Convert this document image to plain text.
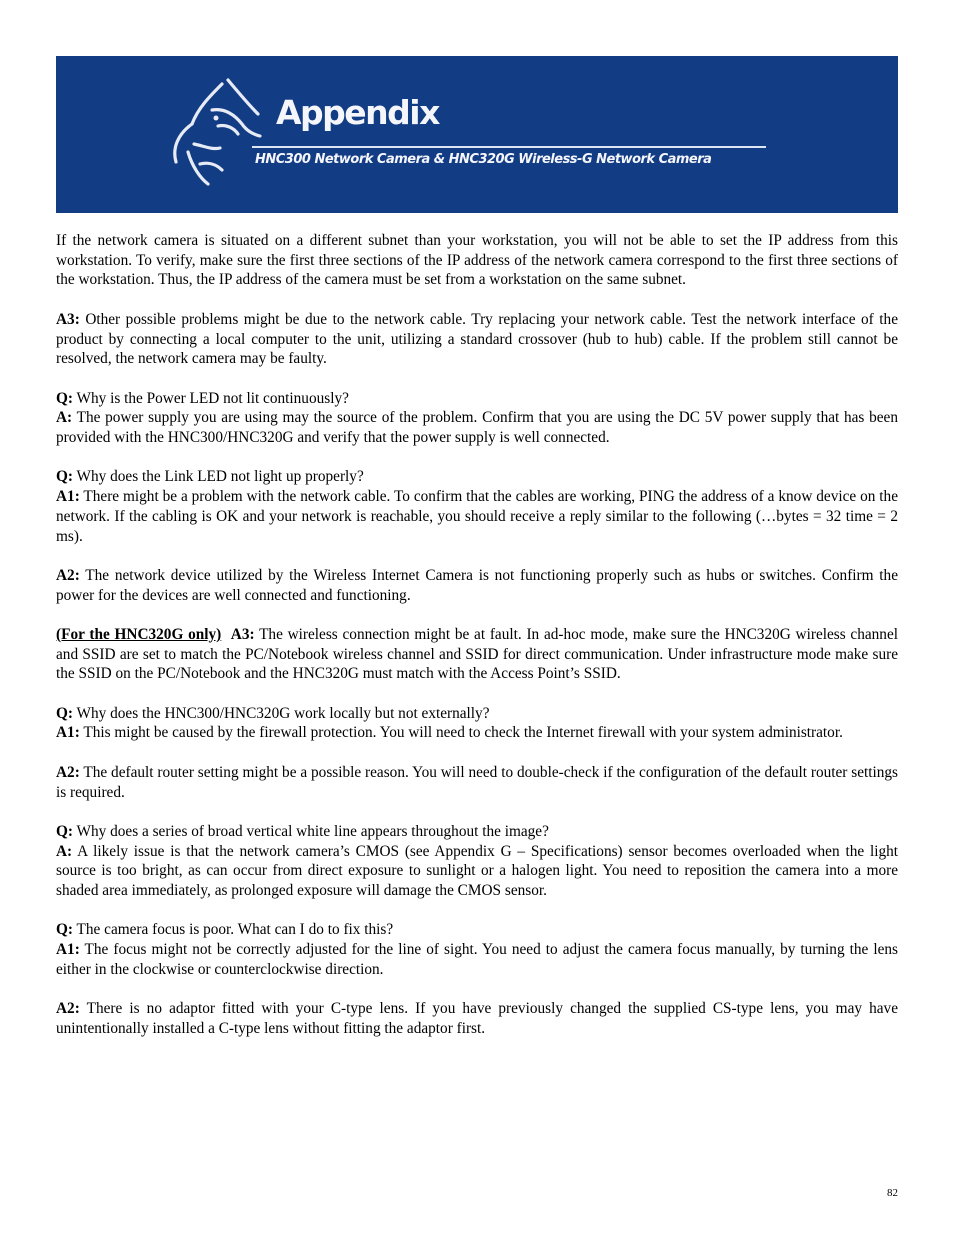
Appendix
HNC300 Network Camera & HNC320G Wireless-G Network Camera

If the network camera is situated on a different subnet than your workstation, you will not be able to set the IP address from this workstation. To verify, make sure the first three sections of the IP address of the network camera correspond to the first three sections of the workstation. Thus, the IP address of the camera must be set from a workstation on the same subnet.

A3: Other possible problems might be due to the network cable. Try replacing your network cable. Test the network interface of the product by connecting a local computer to the unit, utilizing a standard crossover (hub to hub) cable. If the problem still cannot be resolved, the network camera may be faulty.

Q: Why is the Power LED not lit continuously?
A: The power supply you are using may the source of the problem. Confirm that you are using the DC 5V power supply that has been provided with the HNC300/HNC320G and verify that the power supply is well connected.

Q: Why does the Link LED not light up properly?
A1: There might be a problem with the network cable. To confirm that the cables are working, PING the address of a know device on the network. If the cabling is OK and your network is reachable, you should receive a reply similar to the following (…bytes = 32 time = 2 ms).

A2: The network device utilized by the Wireless Internet Camera is not functioning properly such as hubs or switches. Confirm the power for the devices are well connected and functioning.

(For the HNC320G only) A3: The wireless connection might be at fault. In ad-hoc mode, make sure the HNC320G wireless channel and SSID are set to match the PC/Notebook wireless channel and SSID for direct communication. Under infrastructure mode make sure the SSID on the PC/Notebook and the HNC320G must match with the Access Point’s SSID.

Q: Why does the HNC300/HNC320G work locally but not externally?
A1: This might be caused by the firewall protection. You will need to check the Internet firewall with your system administrator.

A2: The default router setting might be a possible reason. You will need to double-check if the configuration of the default router settings is required.

Q: Why does a series of broad vertical white line appears throughout the image?
A: A likely issue is that the network camera’s CMOS (see Appendix G – Specifications) sensor becomes overloaded when the light source is too bright, as can occur from direct exposure to sunlight or a halogen light. You need to reposition the camera into a more shaded area immediately, as prolonged exposure will damage the CMOS sensor.

Q: The camera focus is poor. What can I do to fix this?
A1: The focus might not be correctly adjusted for the line of sight. You need to adjust the camera focus manually, by turning the lens either in the clockwise or counterclockwise direction.

A2: There is no adaptor fitted with your C-type lens. If you have previously changed the supplied CS-type lens, you may have unintentionally installed a C-type lens without fitting the adaptor first.

82
